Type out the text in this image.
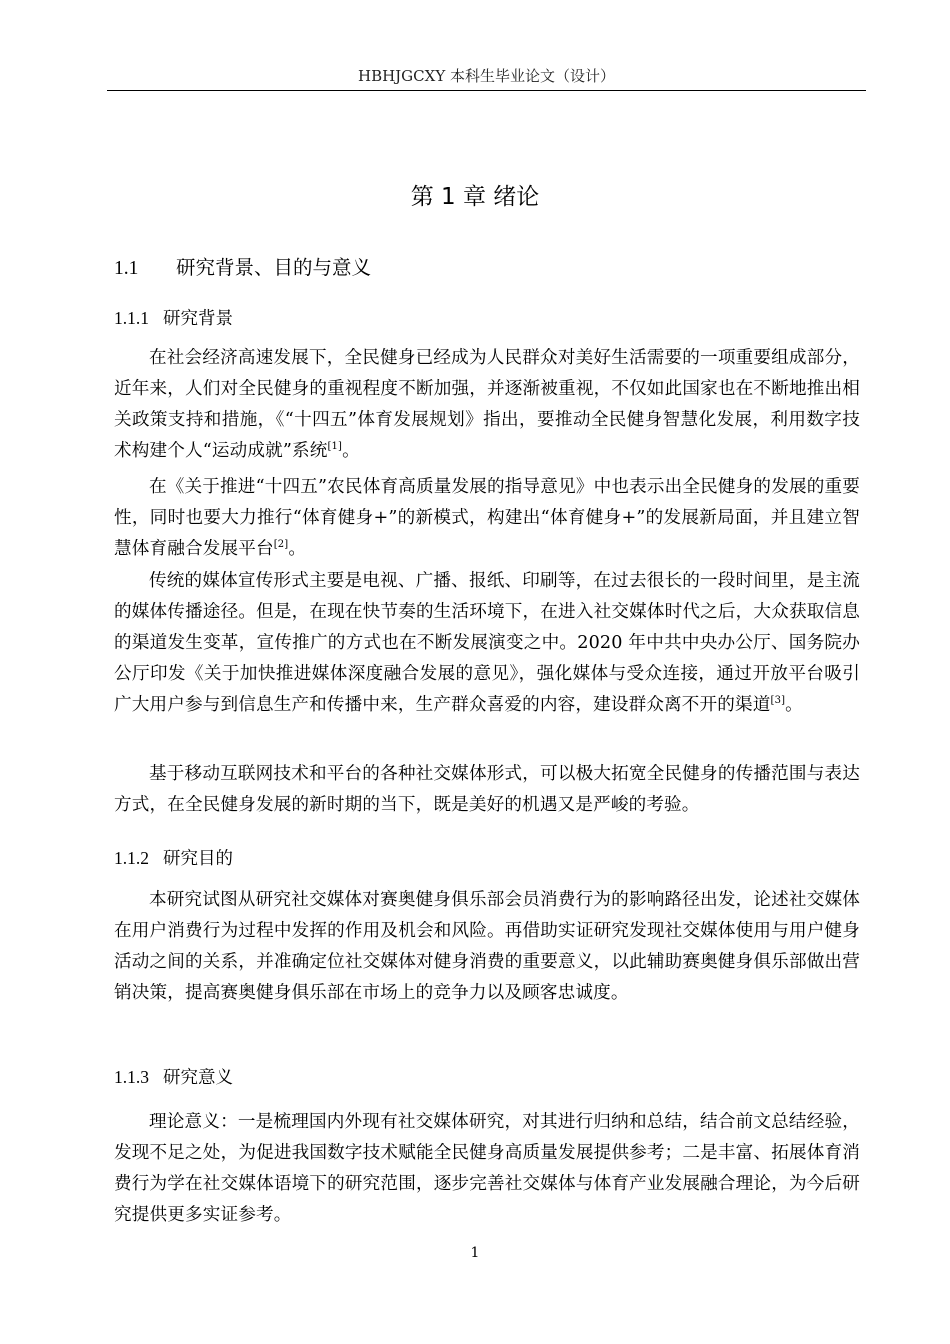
HBHJGCXY 本科生毕业论文（设计）
第 1 章 绪论
1.1 研究背景、目的与意义
1.1.1 研究背景
在社会经济高速发展下，全民健身已经成为人民群众对美好生活需要的一项重要组成部分，近年来，人们对全民健身的重视程度不断加强，并逐渐被重视，不仅如此国家也在不断地推出相关政策支持和措施，《“十四五”体育发展规划》指出，要推动全民健身智慧化发展，利用数字技术构建个人“运动成就”系统[1]。
在《关于推进“十四五”农民体育高质量发展的指导意见》中也表示出全民健身的发展的重要性，同时也要大力推行“体育健身+”的新模式，构建出“体育健身+”的发展新局面，并且建立智慧体育融合发展平台[2]。
传统的媒体宣传形式主要是电视、广播、报纸、印刷等，在过去很长的一段时间里，是主流的媒体传播途径。但是，在现在快节奏的生活环境下，在进入社交媒体时代之后，大众获取信息的渠道发生变革，宣传推广的方式也在不断发展演变之中。2020 年中共中央办公厅、国务院办公厅印发《关于加快推进媒体深度融合发展的意见》，强化媒体与受众连接，通过开放平台吸引广大用户参与到信息生产和传播中来，生产群众喜爱的内容，建设群众离不开的渠道[3]。
基于移动互联网技术和平台的各种社交媒体形式，可以极大拓宽全民健身的传播范围与表达方式，在全民健身发展的新时期的当下，既是美好的机遇又是严峻的考验。
1.1.2 研究目的
本研究试图从研究社交媒体对赛奥健身俱乐部会员消费行为的影响路径出发，论述社交媒体在用户消费行为过程中发挥的作用及机会和风险。再借助实证研究发现社交媒体使用与用户健身活动之间的关系，并准确定位社交媒体对健身消费的重要意义，以此辅助赛奥健身俱乐部做出营销决策，提高赛奥健身俱乐部在市场上的竞争力以及顾客忠诚度。
1.1.3 研究意义
理论意义：一是梳理国内外现有社交媒体研究，对其进行归纳和总结，结合前文总结经验，发现不足之处，为促进我国数字技术赋能全民健身高质量发展提供参考；二是丰富、拓展体育消费行为学在社交媒体语境下的研究范围，逐步完善社交媒体与体育产业发展融合理论，为今后研究提供更多实证参考。
1
